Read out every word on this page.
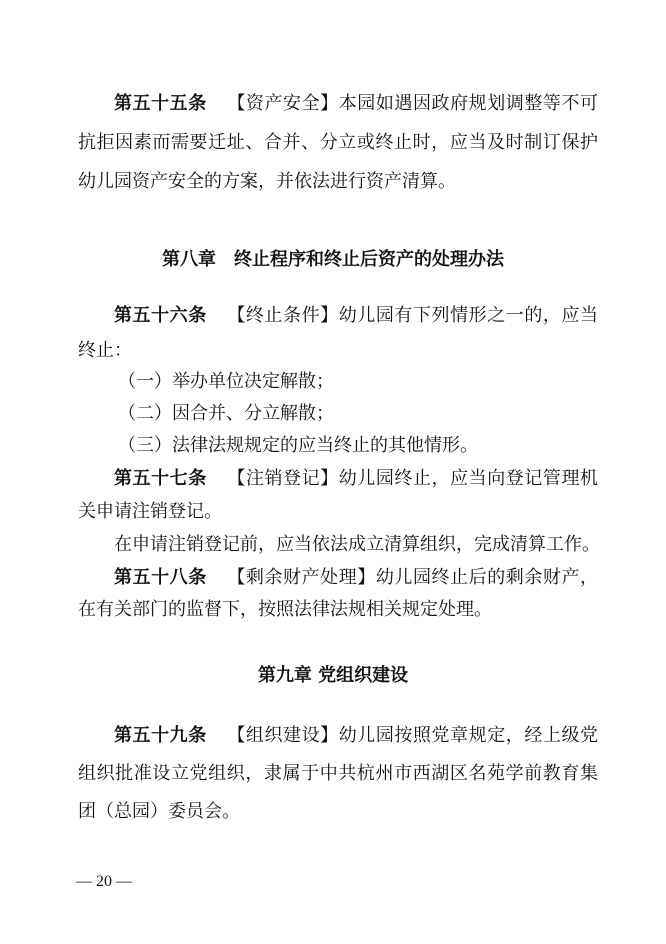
第五十五条 【资产安全】本园如遇因政府规划调整等不可
抗拒因素而需要迁址、合并、分立或终止时，应当及时制订保护
幼儿园资产安全的方案，并依法进行资产清算。
第八章　终止程序和终止后资产的处理办法
第五十六条 【终止条件】幼儿园有下列情形之一的，应当
终止：
（一）举办单位决定解散；
（二）因合并、分立解散；
（三）法律法规规定的应当终止的其他情形。
第五十七条 【注销登记】幼儿园终止，应当向登记管理机
关申请注销登记。
在申请注销登记前，应当依法成立清算组织，完成清算工作。
第五十八条 【剩余财产处理】幼儿园终止后的剩余财产，
在有关部门的监督下，按照法律法规相关规定处理。
第九章 党组织建设
第五十九条 【组织建设】幼儿园按照党章规定，经上级党
组织批准设立党组织，隶属于中共杭州市西湖区名苑学前教育集
团（总园）委员会。
— 20 —
